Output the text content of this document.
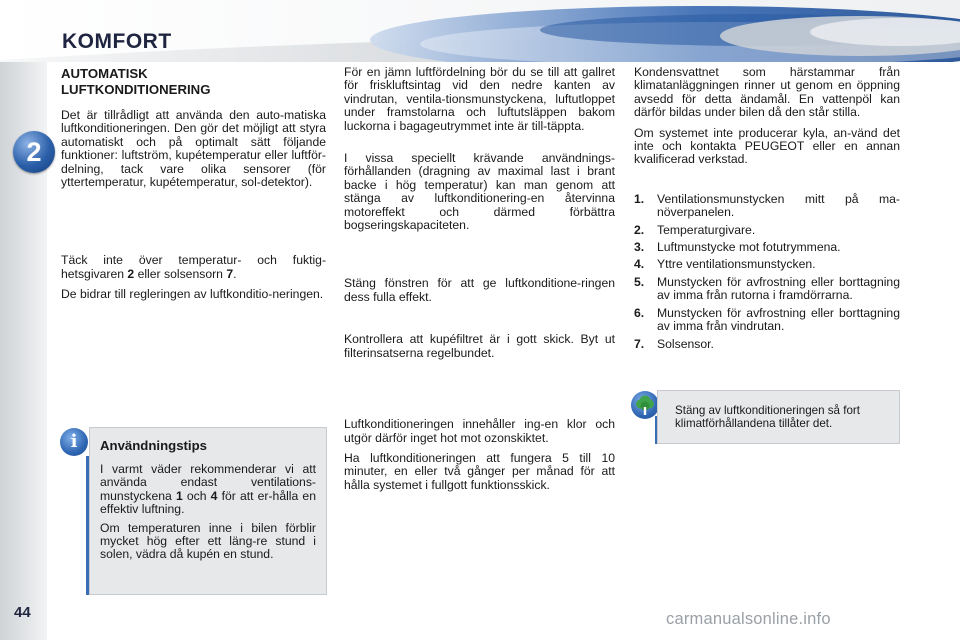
KOMFORT
2
44
AUTOMATISK
LUFTKONDITIONERING

Det är tillrådligt att använda den auto-matiska luftkonditioneringen. Den gör det möjligt att styra automatiskt och på optimalt sätt följande funktioner: luftström, kupétemperatur eller luftför-delning, tack vare olika sensorer (för yttertemperatur, kupétemperatur, sol-detektor).

Täck inte över temperatur- och fuktig-hetsgivaren 2 eller solsensorn 7.

De bidrar till regleringen av luftkonditio-neringen.

i	Användningstips

I varmt väder rekommenderar vi att använda endast ventilations-munstyckena 1 och 4 för att er-hålla en effektiv luftning.

Om temperaturen inne i bilen förblir mycket hög efter ett läng-re stund i solen, vädra då kupén en stund.

För en jämn luftfördelning bör du se till att gallret för friskluftsintag vid den nedre kanten av vindrutan, ventila-tionsmunstyckena, luftutloppet under framstolarna och luftutsläppen bakom luckorna i bagageutrymmet inte är till-täppta.

I vissa speciellt krävande användnings-förhållanden (dragning av maximal last i brant backe i hög temperatur) kan man genom att stänga av luftkonditionering-en återvinna motoreffekt och därmed förbättra bogseringskapaciteten.

Stäng fönstren för att ge luftkonditione-ringen dess fulla effekt.

Kontrollera att kupéfiltret är i gott skick. Byt ut filterinsatserna regelbundet.

Luftkonditioneringen innehåller ing-en klor och utgör därför inget hot mot ozonskiktet.

Ha luftkonditioneringen att fungera 5 till 10 minuter, en eller två gånger per månad för att hålla systemet i fullgott funktionsskick.

Kondensvattnet som härstammar från klimatanläggningen rinner ut genom en öppning avsedd för detta ändamål. En vattenpöl kan därför bildas under bilen då den står stilla.

Om systemet inte producerar kyla, an-vänd det inte och kontakta PEUGEOT eller en annan kvalificerad verkstad.

1. Ventilationsmunstycken mitt på ma-növerpanelen.
2. Temperaturgivare.
3. Luftmunstycke mot fotutrymmena.
4. Yttre ventilationsmunstycken.
5. Munstycken för avfrostning eller borttagning av imma från rutorna i framdörrarna.
6. Munstycken för avfrostning eller borttagning av imma från vindrutan.
7. Solsensor.
Stäng av luftkonditioneringen så fort klimatförhållandena tillåter det.
carmanualsonline.info
